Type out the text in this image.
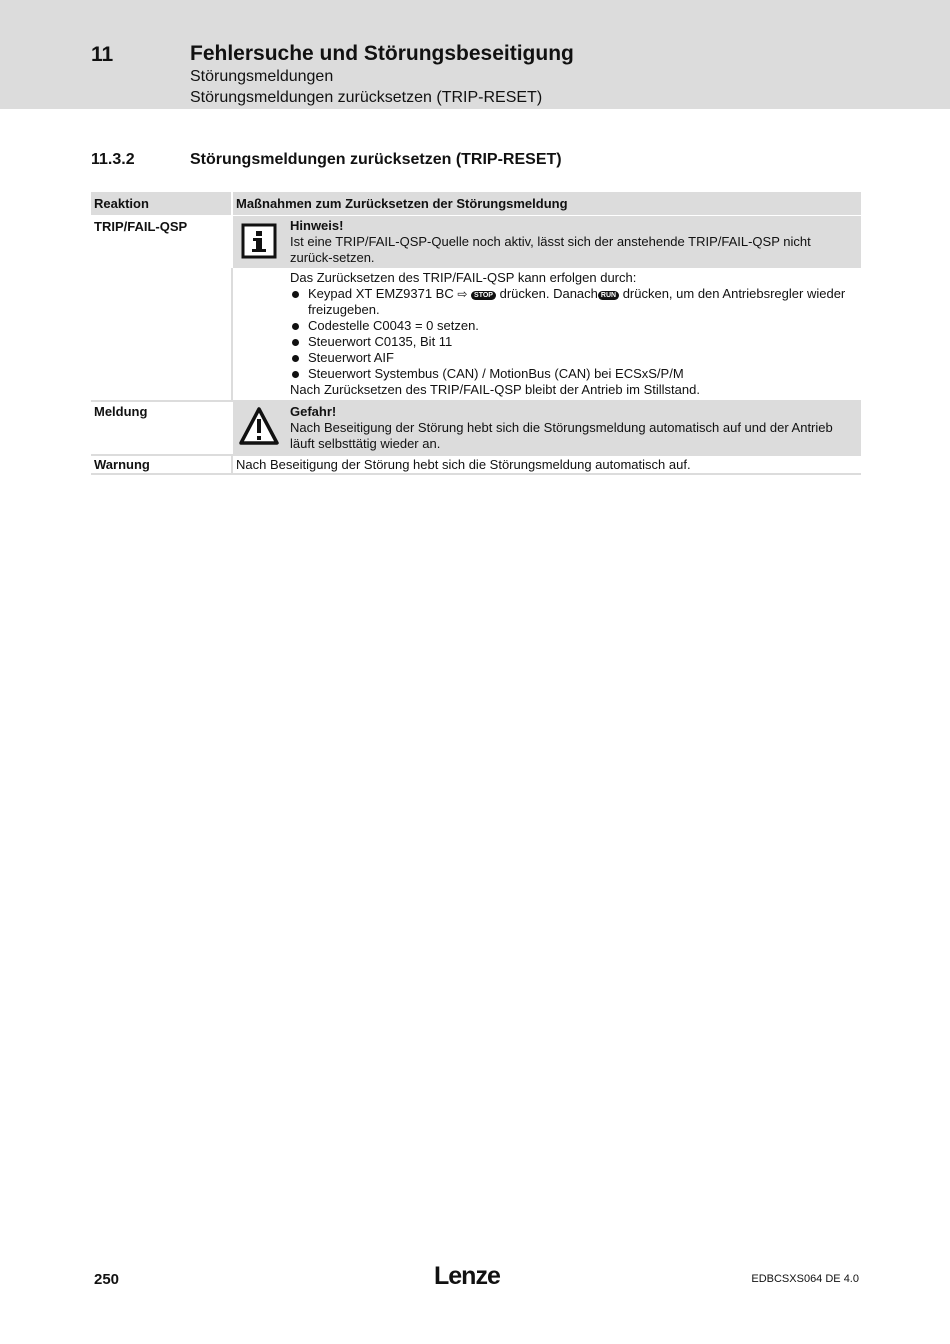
11	Fehlersuche und Störungsbeseitigung
Störungsmeldungen
Störungsmeldungen zurücksetzen (TRIP-RESET)
11.3.2	Störungsmeldungen zurücksetzen (TRIP-RESET)
Reaktion	Maßnahmen zum Zurücksetzen der Störungsmeldung
TRIP/FAIL-QSP	Hinweis!
Ist eine TRIP/FAIL-QSP-Quelle noch aktiv, lässt sich der anstehende TRIP/FAIL-QSP nicht zurück-setzen.
Das Zurücksetzen des TRIP/FAIL-QSP kann erfolgen durch:
Keypad XT EMZ9371 BC ⇨ STOP drücken. Danach RUN drücken, um den Antriebsregler wieder freizugeben.
Codestelle C0043 = 0 setzen.
Steuerwort C0135, Bit 11
Steuerwort AIF
Steuerwort Systembus (CAN) / MotionBus (CAN) bei ECSxS/P/M
Nach Zurücksetzen des TRIP/FAIL-QSP bleibt der Antrieb im Stillstand.
Meldung	Gefahr!
Nach Beseitigung der Störung hebt sich die Störungsmeldung automatisch auf und der Antrieb läuft selbsttätig wieder an.
Warnung	Nach Beseitigung der Störung hebt sich die Störungsmeldung automatisch auf.
250	Lenze	EDBCSXS064 DE 4.0
